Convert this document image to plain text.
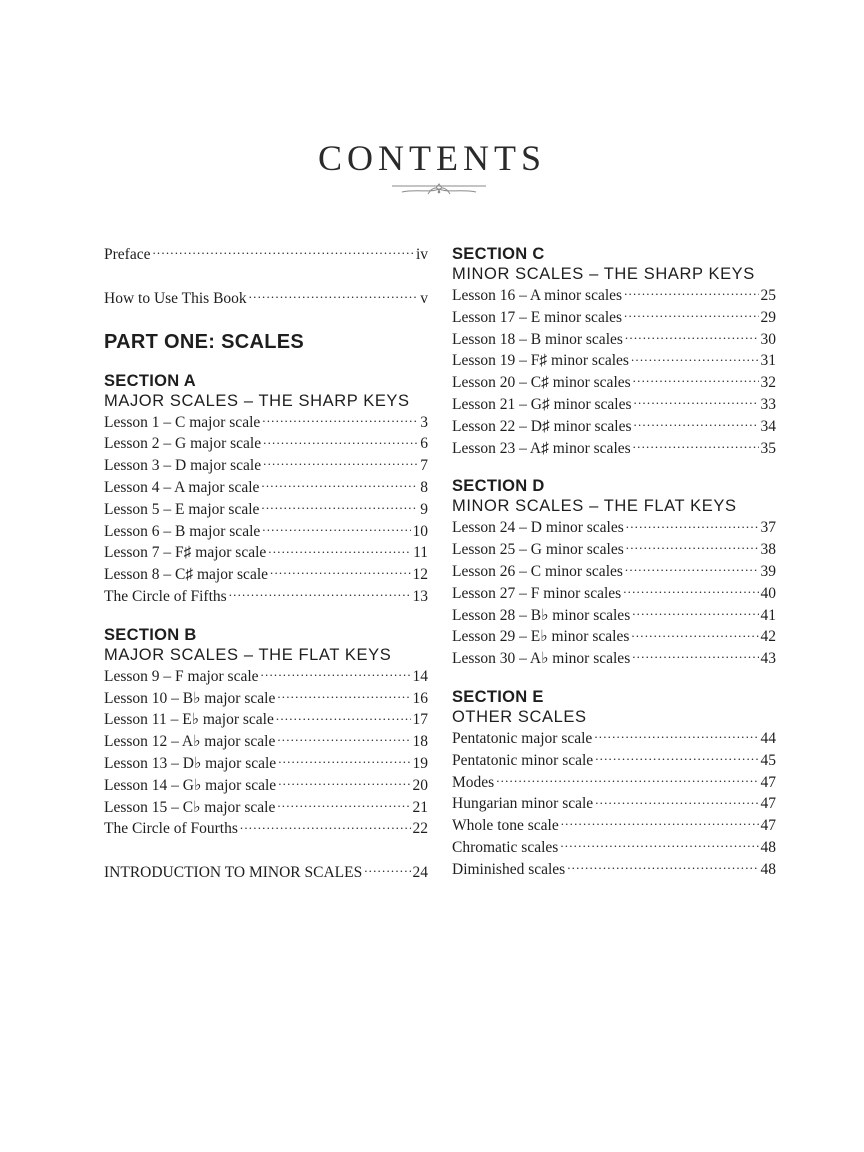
CONTENTS
Preface .....	iv
How to Use This Book .....	v
PART ONE: SCALES
SECTION A
MAJOR SCALES – THE SHARP KEYS
Lesson 1 – C major scale .....	3
Lesson 2 – G major scale .....	6
Lesson 3 – D major scale .....	7
Lesson 4 – A major scale .....	8
Lesson 5 – E major scale .....	9
Lesson 6 – B major scale .....	10
Lesson 7 – F♯ major scale .....	11
Lesson 8 – C♯ major scale .....	12
The Circle of Fifths .....	13
SECTION B
MAJOR SCALES – THE FLAT KEYS
Lesson 9 – F major scale .....	14
Lesson 10 – B♭ major scale .....	16
Lesson 11 – E♭ major scale .....	17
Lesson 12 – A♭ major scale .....	18
Lesson 13 – D♭ major scale .....	19
Lesson 14 – G♭ major scale .....	20
Lesson 15 – C♭ major scale .....	21
The Circle of Fourths .....	22
INTRODUCTION TO MINOR SCALES .....	24
SECTION C
MINOR SCALES – THE SHARP KEYS
Lesson 16 – A minor scales .....	25
Lesson 17 – E minor scales .....	29
Lesson 18 – B minor scales .....	30
Lesson 19 – F♯ minor scales .....	31
Lesson 20 – C♯ minor scales .....	32
Lesson 21 – G♯ minor scales .....	33
Lesson 22 – D♯ minor scales .....	34
Lesson 23 – A♯ minor scales .....	35
SECTION D
MINOR SCALES – THE FLAT KEYS
Lesson 24 – D minor scales .....	37
Lesson 25 – G minor scales .....	38
Lesson 26 – C minor scales .....	39
Lesson 27 – F minor scales .....	40
Lesson 28 – B♭ minor scales .....	41
Lesson 29 – E♭ minor scales .....	42
Lesson 30 – A♭ minor scales .....	43
SECTION E
OTHER SCALES
Pentatonic major scale .....	44
Pentatonic minor scale .....	45
Modes .....	47
Hungarian minor scale .....	47
Whole tone scale .....	47
Chromatic scales .....	48
Diminished scales .....	48
